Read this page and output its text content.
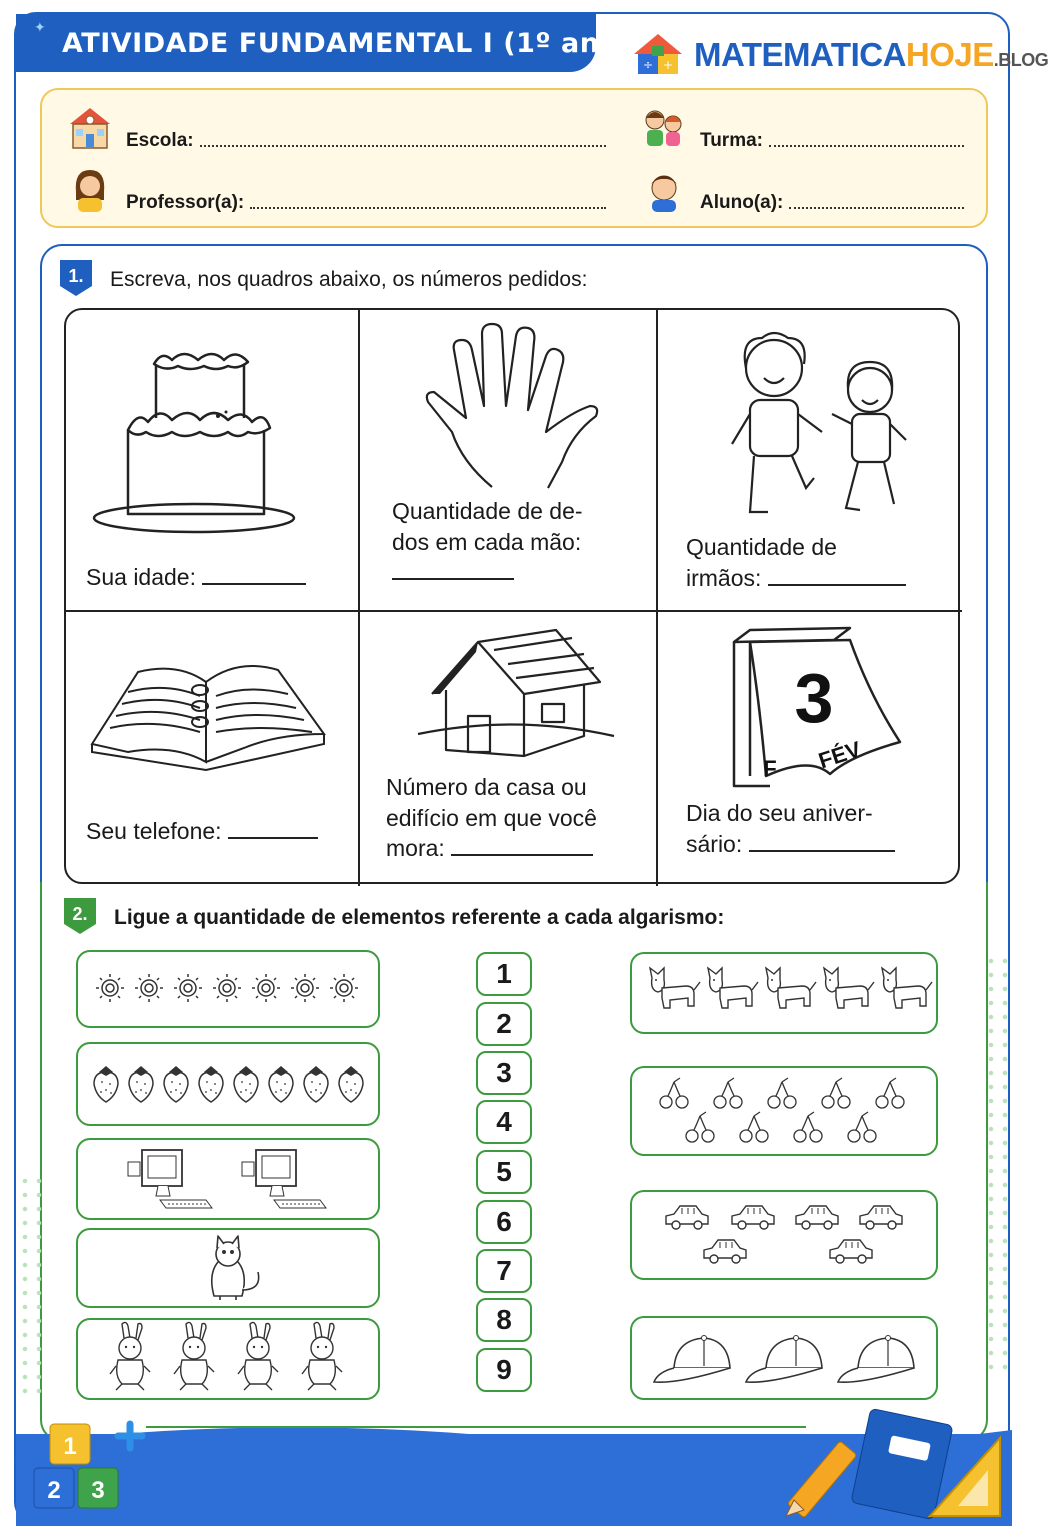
✦ ATIVIDADE FUNDAMENTAL I (1º ano)
÷ + MATEMATICAHOJE.BLOG
Escola:	Turma:
Professor(a):	Aluno(a):
1. Escreva, nos quadros abaixo, os números pedidos:
Sua idade:
Quantidade de de-
dos em cada mão:	Quantidade de
irmãos:
Seu telefone:
Número da casa ou
edifício em que você
mora:
3
FÉV
F
Dia do seu aniver-
sário:
2. Ligue a quantidade de elementos referente a cada algarismo:
1
2
3
4
5
6
7
8
9
1
2 3
